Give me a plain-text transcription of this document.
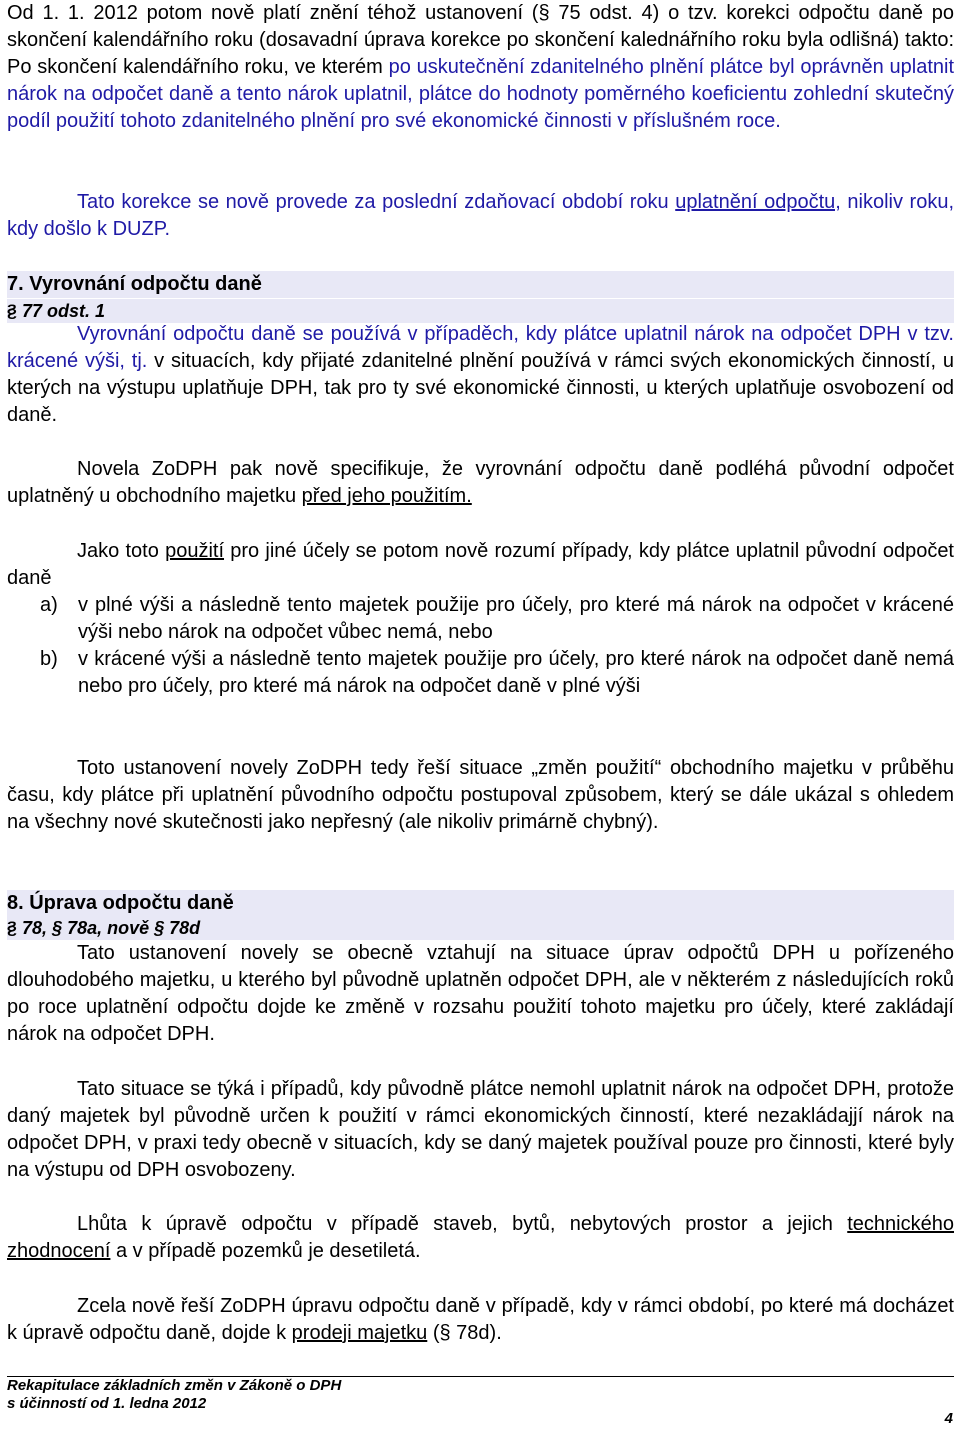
Od 1. 1. 2012 potom nově platí znění téhož ustanovení (§ 75 odst. 4) o tzv. korekci odpočtu daně po skončení kalendářního roku (dosavadní úprava korekce po skončení kalednářního roku byla odlišná) takto: Po skončení kalendářního roku, ve kterém po uskutečnění zdanitelného plnění plátce byl oprávněn uplatnit nárok na odpočet daně a tento nárok uplatnil, plátce do hodnoty poměrného koeficientu zohlední skutečný podíl použití tohoto zdanitelného plnění pro své ekonomické činnosti v příslušném roce.

Tato korekce se nově provede za poslední zdaňovací období roku uplatnění odpočtu, nikoliv roku, kdy došlo k DUZP.

7. Vyrovnání odpočtu daně
§ 77 odst. 1

Vyrovnání odpočtu daně se používá v případěch, kdy plátce uplatnil nárok na odpočet DPH v tzv. krácené výši, tj. v situacích, kdy přijaté zdanitelné plnění používá v rámci svých ekonomických činností, u kterých na výstupu uplatňuje DPH, tak pro ty své ekonomické činnosti, u kterých uplatňuje osvobození od daně.

Novela ZoDPH pak nově specifikuje, že vyrovnání odpočtu daně podléhá původní odpočet uplatněný u obchodního majetku před jeho použitím.

Jako toto použití pro jiné účely se potom nově rozumí případy, kdy plátce uplatnil původní odpočet daně

a) v plné výši a následně tento majetek použije pro účely, pro které má nárok na odpočet v krácené výši nebo nárok na odpočet vůbec nemá, nebo
b) v krácené výši a následně tento majetek použije pro účely, pro které nárok na odpočet daně nemá nebo pro účely, pro které má nárok na odpočet daně v plné výši

Toto ustanovení novely ZoDPH tedy řeší situace „změn použití“ obchodního majetku v průběhu času, kdy plátce při uplatnění původního odpočtu postupoval způsobem, který se dále ukázal s ohledem na všechny nové skutečnosti jako nepřesný (ale nikoliv primárně chybný).

8. Úprava odpočtu daně
§ 78, § 78a, nově § 78d

Tato ustanovení novely se obecně vztahují na situace úprav odpočtů DPH u pořízeného dlouhodobého majetku, u kterého byl původně uplatněn odpočet DPH, ale v některém z následujících roků po roce uplatnění odpočtu dojde ke změně v rozsahu použití tohoto majetku pro účely, které zakládají nárok na odpočet DPH.

Tato situace se týká i případů, kdy původně plátce nemohl uplatnit nárok na odpočet DPH, protože daný majetek byl původně určen k použití v rámci ekonomických činností, které nezakládajjí nárok na odpočet DPH, v praxi tedy obecně v situacích, kdy se daný majetek používal pouze pro činnosti, které byly na výstupu od DPH osvobozeny.

Lhůta k úpravě odpočtu v případě staveb, bytů, nebytových prostor a jejich technického zhodnocení a v případě pozemků je desetiletá.

Zcela nově řeší ZoDPH úpravu odpočtu daně v případě, kdy v rámci období, po které má docházet k úpravě odpočtu daně, dojde k prodeji majetku (§ 78d).

Rekapitulace základních změn v Zákoně o DPH
s účinností od 1. ledna 2012
4
